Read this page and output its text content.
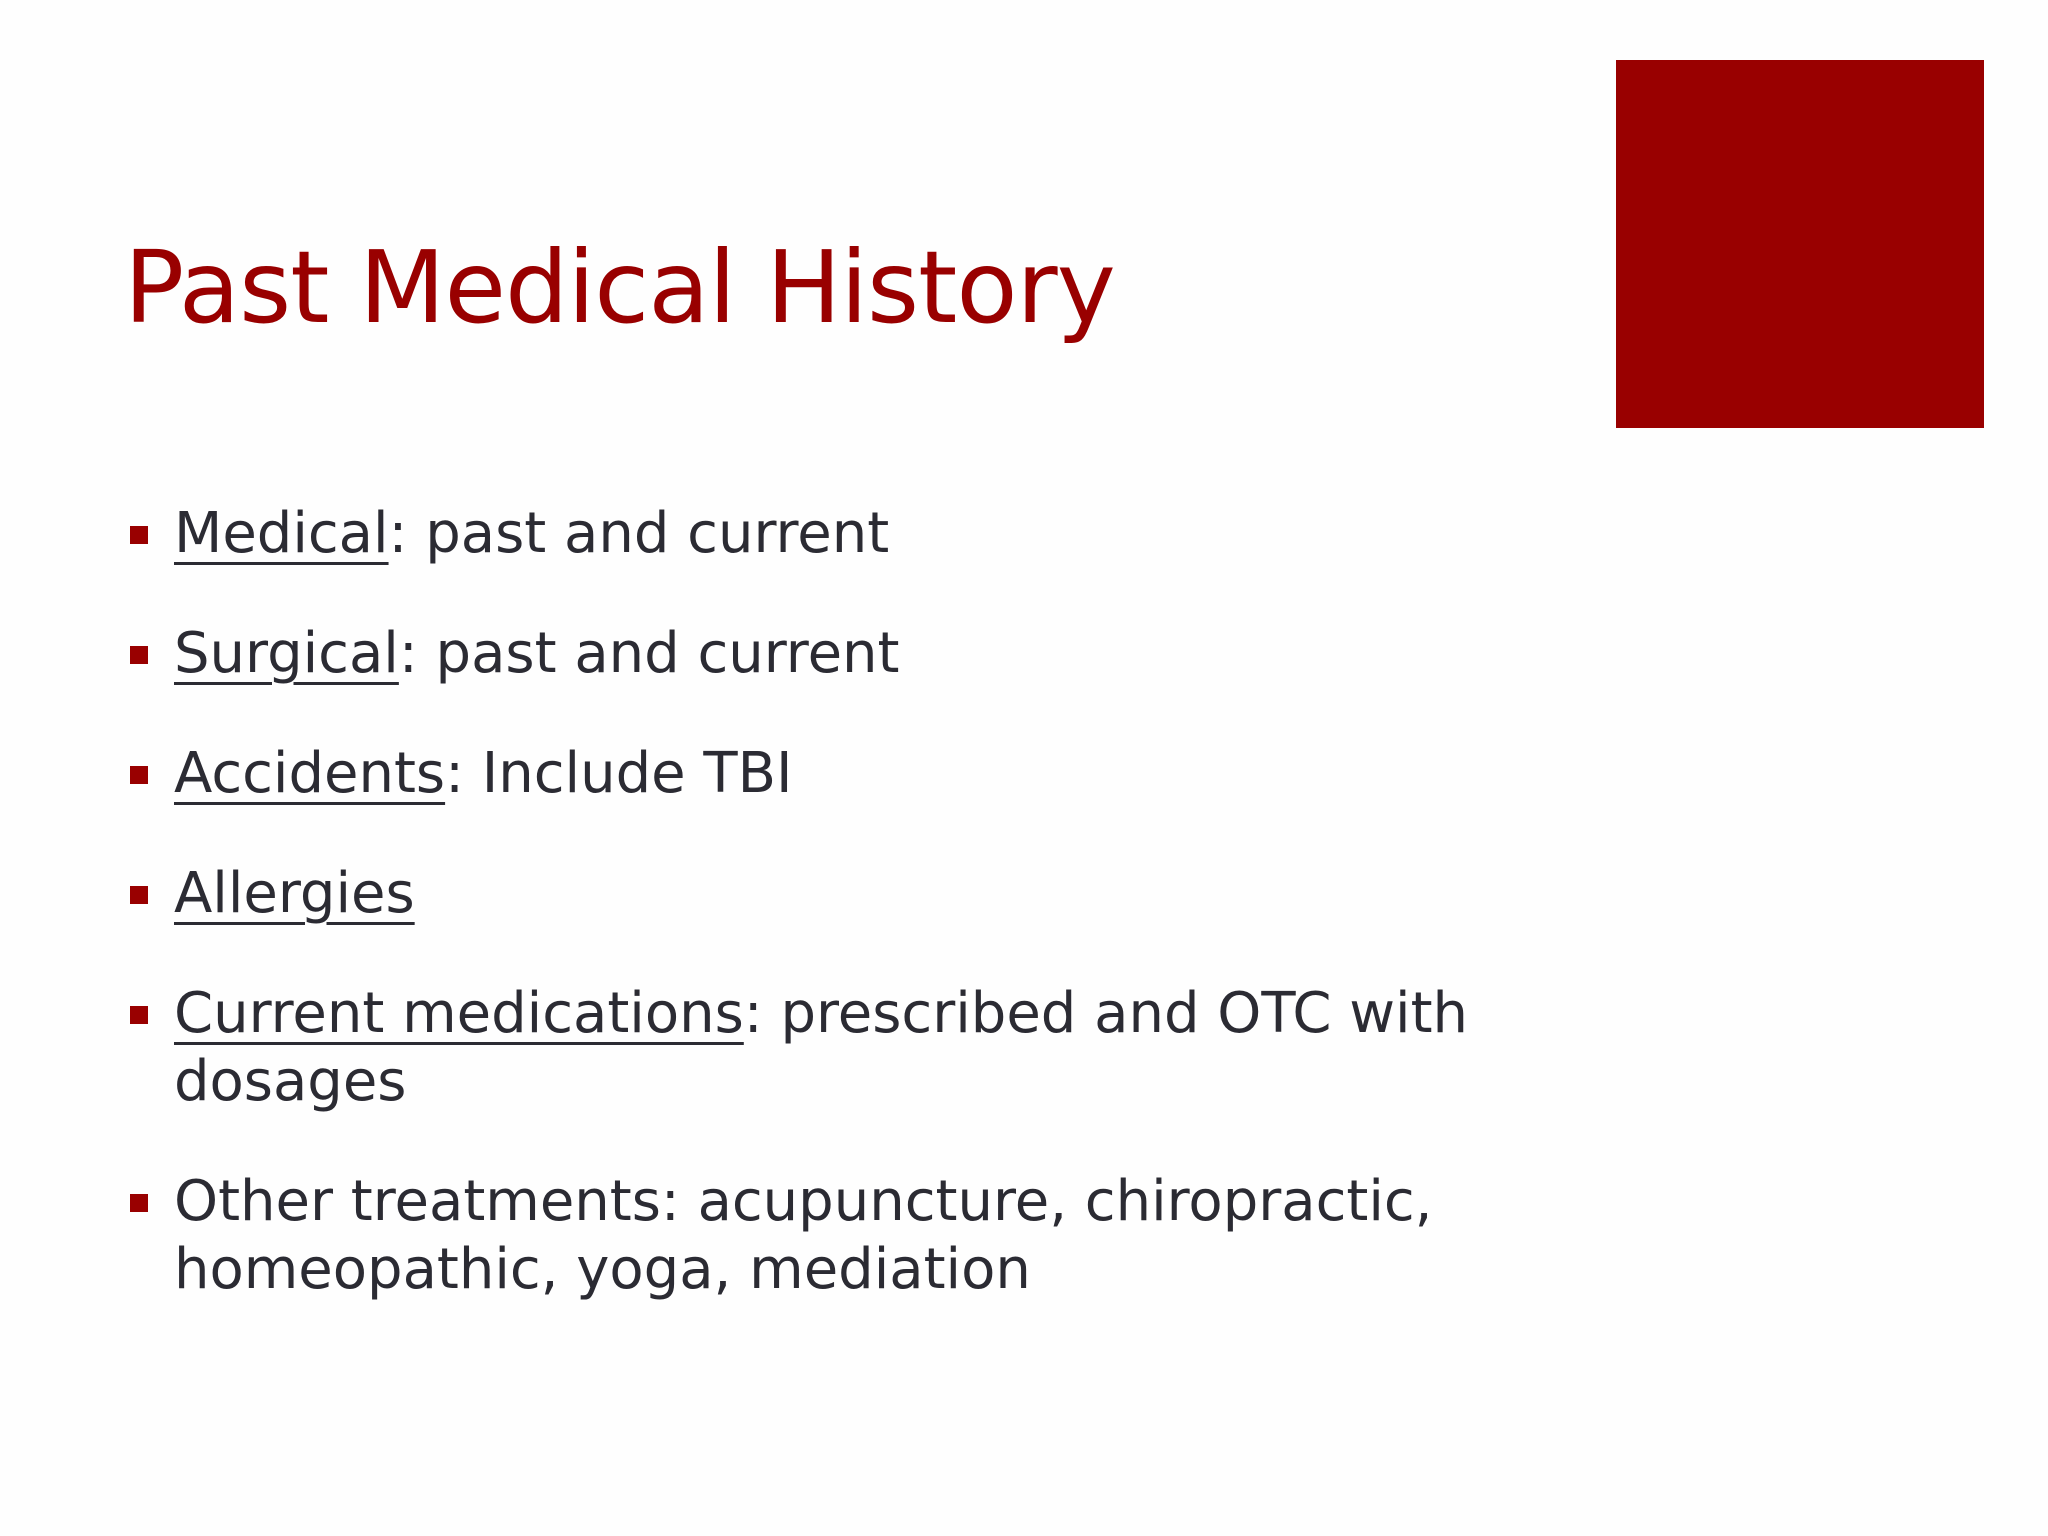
Past Medical History
Medical: past and current
Surgical: past and current
Accidents: Include TBI
Allergies
Current medications: prescribed and OTC with dosages
Other treatments: acupuncture, chiropractic, homeopathic, yoga, mediation
